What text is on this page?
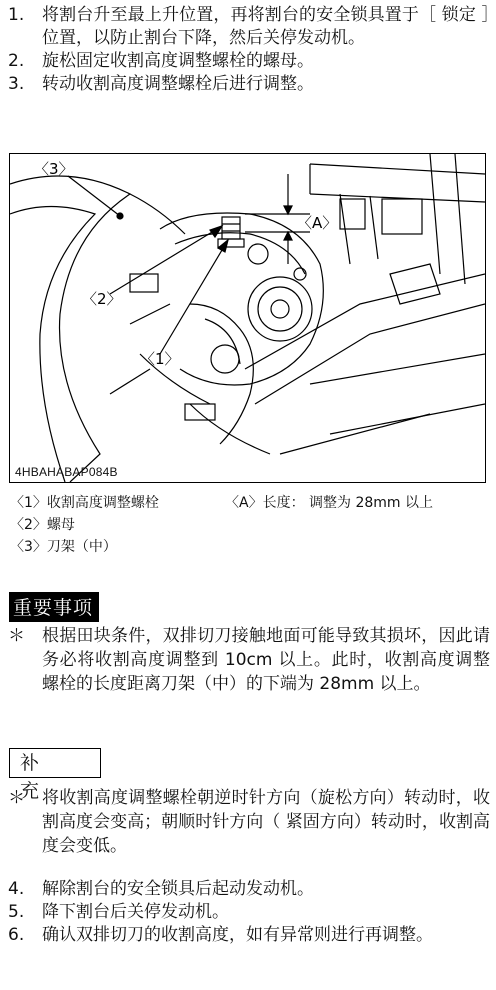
1.	将割台升至最上升位置，再将割台的安全锁具置于［ 锁定 ］位置，以防止割台下降，然后关停发动机。
2.	旋松固定收割高度调整螺栓的螺母。
3.	转动收割高度调整螺栓后进行调整。
〈3〉
〈A〉
〈2〉
〈1〉
4HBAHABAP084B
〈1〉收割高度调整螺栓	〈A〉长度： 调整为 28mm 以上
〈2〉螺母
〈3〉刀架（中）
重要事项
＊	根据田块条件，双排切刀接触地面可能导致其损坏，因此请务必将收割高度调整到 10cm 以上。此时，收割高度调整螺栓的长度距离刀架（中）的下端为 28mm 以上。
补 充
＊	将收割高度调整螺栓朝逆时针方向（旋松方向）转动时，收割高度会变高；朝顺时针方向（ 紧固方向）转动时，收割高度会变低。
4.	解除割台的安全锁具后起动发动机。
5.	降下割台后关停发动机。
6.	确认双排切刀的收割高度，如有异常则进行再调整。
